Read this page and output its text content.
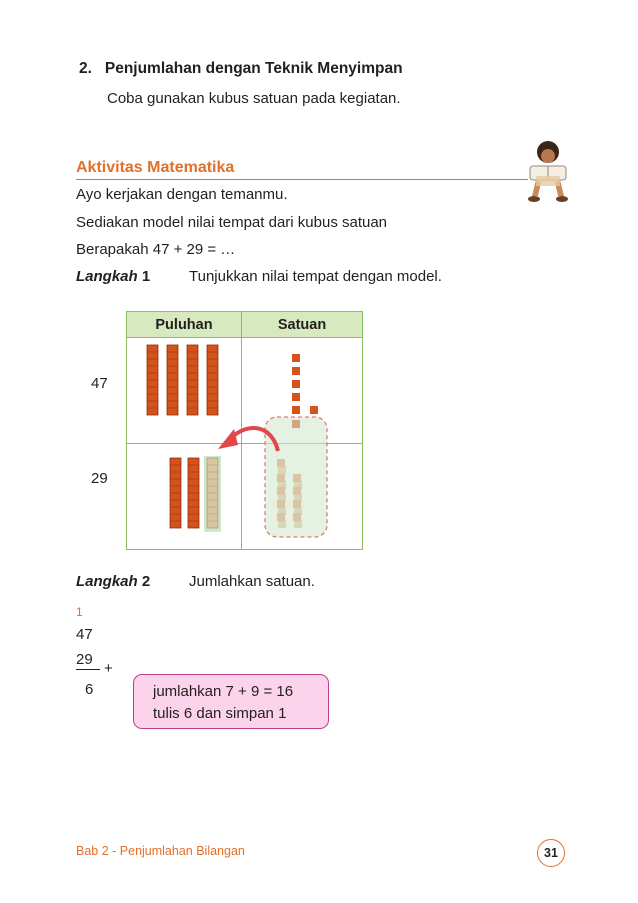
2. Penjumlahan dengan Teknik Menyimpan
Coba gunakan kubus satuan pada kegiatan.
Aktivitas Matematika
Ayo kerjakan dengan temanmu.
Sediakan model nilai tempat dari kubus satuan
Berapakah 47 + 29 = …
Langkah 1	Tunjukkan nilai tempat dengan model.
Puluhan	Satuan

47
29
Langkah 2	Jumlahkan satuan.
1
47
29
+
6	jumlahkan 7 + 9 = 16
tulis 6 dan simpan 1
Bab 2 - Penjumlahan Bilangan	31
